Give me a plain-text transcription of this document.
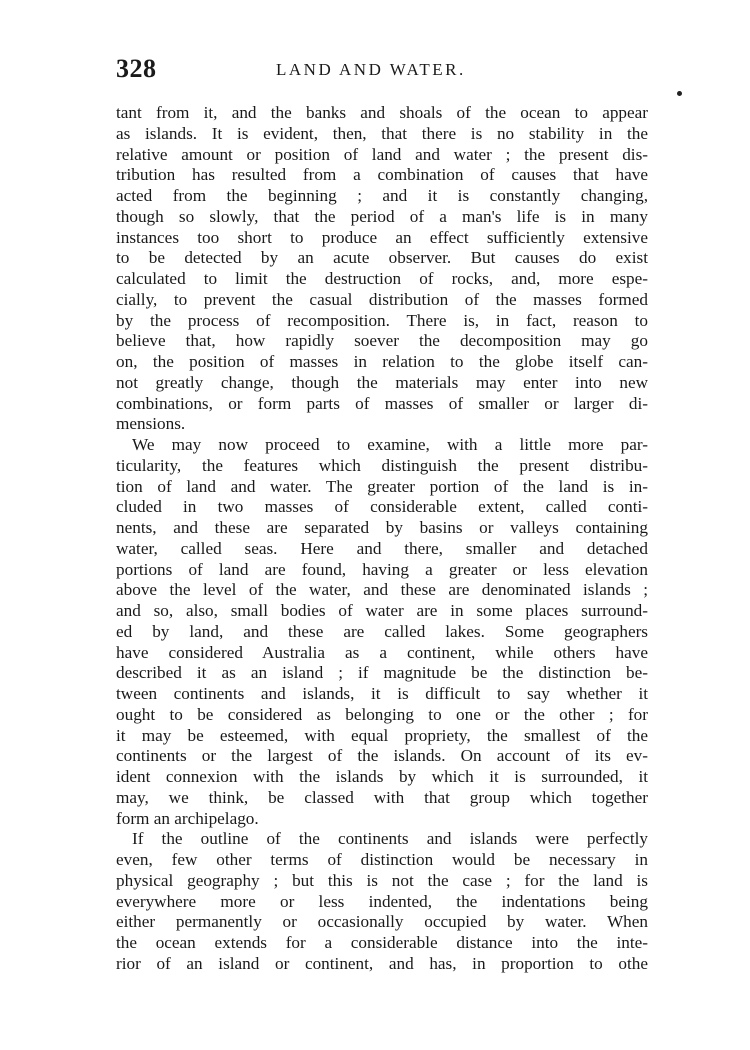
328	LAND AND WATER.
tant from it, and the banks and shoals of the ocean to appear
as islands. It is evident, then, that there is no stability in the
relative amount or position of land and water ; the present dis-
tribution has resulted from a combination of causes that have
acted from the beginning ; and it is constantly changing,
though so slowly, that the period of a man's life is in many
instances too short to produce an effect sufficiently extensive
to be detected by an acute observer. But causes do exist
calculated to limit the destruction of rocks, and, more espe-
cially, to prevent the casual distribution of the masses formed
by the process of recomposition. There is, in fact, reason to
believe that, how rapidly soever the decomposition may go
on, the position of masses in relation to the globe itself can-
not greatly change, though the materials may enter into new
combinations, or form parts of masses of smaller or larger di-
mensions.
We may now proceed to examine, with a little more par-
ticularity, the features which distinguish the present distribu-
tion of land and water. The greater portion of the land is in-
cluded in two masses of considerable extent, called conti-
nents, and these are separated by basins or valleys containing
water, called seas. Here and there, smaller and detached
portions of land are found, having a greater or less elevation
above the level of the water, and these are denominated islands ;
and so, also, small bodies of water are in some places surround-
ed by land, and these are called lakes. Some geographers
have considered Australia as a continent, while others have
described it as an island ; if magnitude be the distinction be-
tween continents and islands, it is difficult to say whether it
ought to be considered as belonging to one or the other ; for
it may be esteemed, with equal propriety, the smallest of the
continents or the largest of the islands. On account of its ev-
ident connexion with the islands by which it is surrounded, it
may, we think, be classed with that group which together
form an archipelago.
If the outline of the continents and islands were perfectly
even, few other terms of distinction would be necessary in
physical geography ; but this is not the case ; for the land is
everywhere more or less indented, the indentations being
either permanently or occasionally occupied by water. When
the ocean extends for a considerable distance into the inte-
rior of an island or continent, and has, in proportion to othe
